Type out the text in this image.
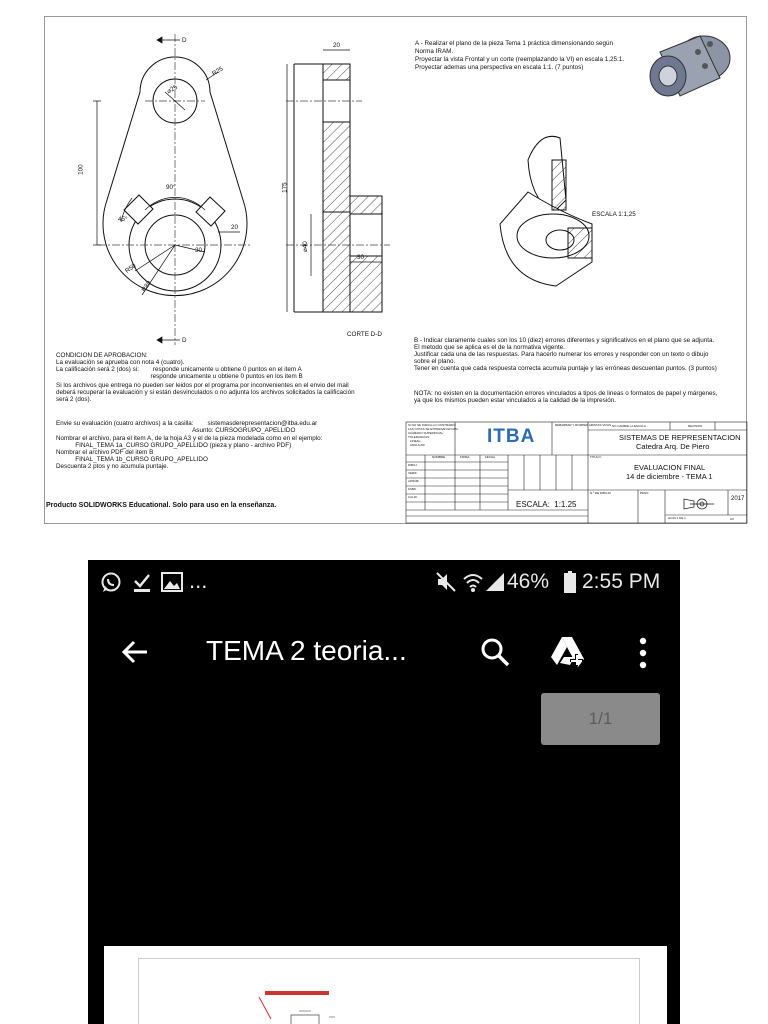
D
D
R25
⌀25
100
90°
45°
20
30
R50
R80
20
175
⌀40
30
CORTE D-D
ESCALA 1:1,25
A - Realizar el plano de la pieza Tema 1 práctica dimensionando según
Norma IRAM.
Proyectar la vista Frontal y un corte (reemplazando la VI) en escala 1,25:1.
Proyectar ademas una perspectiva en escala 1:1. (7 puntos)
B - Indicar claramente cuales son los 10 (diez) errores diferentes y significativos en el plano que se adjunta.
El metodo que se aplica es el de la normativa vigente.
Justificar cada una de las respuestas. Para hacerlo numerar los errores y responder con un texto o dibujo
sobre el plano.
Tener en cuenta que cada respuesta correcta acumula puntaje y las erróneas descuentan puntos. (3 puntos)
NOTA: no existen en la documentación errores vinculados a tipos de lineas o formatos de papel y márgenes,
ya que los mismos pueden estar vinculados a la calidad de la impresión.
CONDICION DE APROBACION:
La evaluación se aprueba con nota 4 (cuatro).
La calificación será 2 (dos) si:        responde unicamente u obtiene 0 puntos en el item A
responde unicamente u obtiene 0 puntos en los item B
Si los archivos que entrega no pueden ser leidos por el programa por inconvenientes en el envio del mail
deberá recuperar la evaluación y si están desvinculados o no adjunta los archivos solicitados la calificación
será 2 (dos).
Envie su evaluación (cuatro archivos) a la casilla:        sistemasderepresentacion@itba.edu.ar
Asunto: CURSOGRUPO_APELLIDO
Nombrar el archivo, para el item A, de la hoja A3 y el de la pieza modelada como en el ejemplo:
FINAL_TEMA 1a_CURSO GRUPO_APELLIDO (pieza y plano - archivo PDF)
Nombrar el archivo PDF del item B
FINAL_TEMA 1b_CURSO GRUPO_APELLIDO
Descuenta 2 ptos y no acumula puntaje.
Producto SOLIDWORKS Educational. Solo para uso en la enseñanza.
ITBA	SISTEMAS DE REPRESENTACION
Catedra Arq. De Piero
EVALUACION FINAL
14 de diciembre - TEMA 1
ESCALA:  1:1.25
2017
SI NO SE INDICA LO CONTRARIO:
LAS COTAS SE EXPRESAN EN MM
ACABADO SUPERFICIAL:
TOLERANCIAS:
LINEAL:
ANGULAR:
NOMBRE	FIRMA	FECHA
DIBUJ.
VERIF.
APROB.
FABR.
CALID.
REBARBAR Y ROMPER ARISTAS VIVAS NO CAMBIE LA ESCALA	REVISION
TITULO:
N.º DE DIBUJO	PESO:
HOJA 1 DE 1	A3
...	46% 2:55 PM
TEMA 2 teoria...
1/1
